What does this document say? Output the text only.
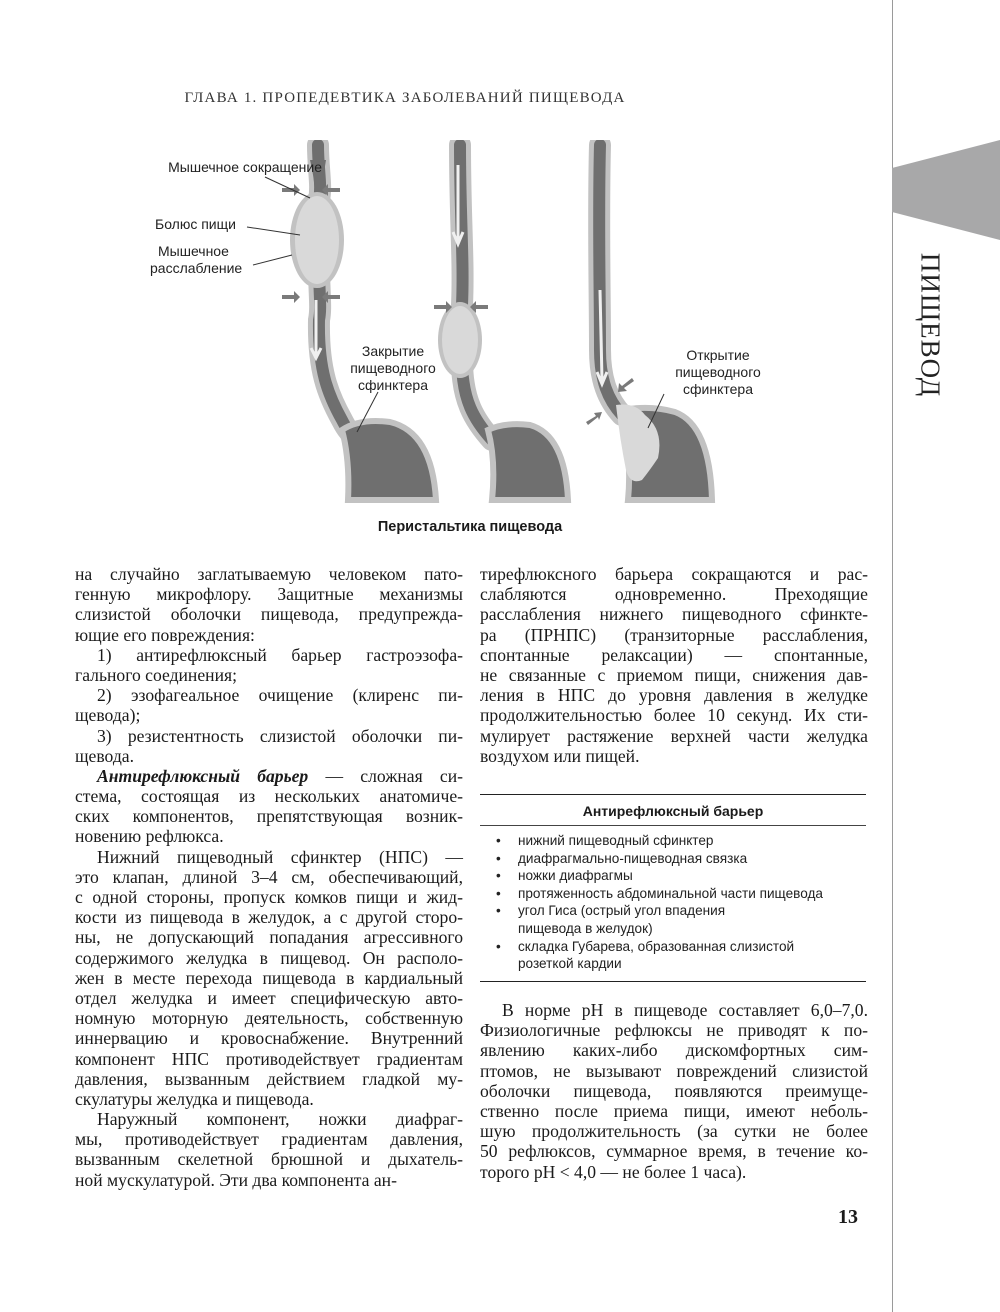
ГЛАВА 1. ПРОПЕДЕВТИКА ЗАБОЛЕВАНИЙ ПИЩЕВОДА
ПИЩЕВОД
Мышечное сокращение
Болюс пищи
Мышечное
расслабление
Закрытие
пищеводного
сфинктера
Открытие
пищеводного
сфинктера
Перистальтика пищевода
на случайно заглатываемую человеком пато-
генную микрофлору. Защитные механизмы
слизистой оболочки пищевода, предупрежда-
ющие его повреждения:
1) антирефлюксный барьер гастроэзофа-
гального соединения;
2) эзофагеальное очищение (клиренс пи-
щевода);
3) резистентность слизистой оболочки пи-
щевода.
Антирефлюксный барьер — сложная си-
стема, состоящая из нескольких анатомиче-
ских компонентов, препятствующая возник-
новению рефлюкса.
Нижний пищеводный сфинктер (НПС) —
это клапан, длиной 3–4 см, обеспечивающий,
с одной стороны, пропуск комков пищи и жид-
кости из пищевода в желудок, а с другой сторо-
ны, не допускающий попадания агрессивного
содержимого желудка в пищевод. Он располо-
жен в месте перехода пищевода в кардиальный
отдел желудка и имеет специфическую авто-
номную моторную деятельность, собственную
иннервацию и кровоснабжение. Внутренний
компонент НПС противодействует градиентам
давления, вызванным действием гладкой му-
скулатуры желудка и пищевода.
Наружный компонент, ножки диафраг-
мы, противодействует градиентам давления,
вызванным скелетной брюшной и дыхатель-
ной мускулатурой. Эти два компонента ан-
тирефлюксного барьера сокращаются и рас-
слабляются одновременно. Преходящие
расслабления нижнего пищеводного сфинкте-
ра (ПРНПС) (транзиторные расслабления,
спонтанные релаксации) — спонтанные,
не связанные с приемом пищи, снижения дав-
ления в НПС до уровня давления в желудке
продолжительностью более 10 секунд. Их сти-
мулирует растяжение верхней части желудка
воздухом или пищей.
Антирефлюксный барьер
• нижний пищеводный сфинктер
• диафрагмально-пищеводная связка
• ножки диафрагмы
• протяженность абдоминальной части пищевода
• угол Гиса (острый угол впадения пищевода в желудок)
• складка Губарева, образованная слизистой розеткой кардии
В норме pH в пищеводе составляет 6,0–7,0.
Физиологичные рефлюксы не приводят к по-
явлению каких-либо дискомфортных сим-
птомов, не вызывают повреждений слизистой
оболочки пищевода, появляются преимуще-
ственно после приема пищи, имеют неболь-
шую продолжительность (за сутки не более
50 рефлюксов, суммарное время, в течение ко-
торого pH < 4,0 — не более 1 часа).
13
